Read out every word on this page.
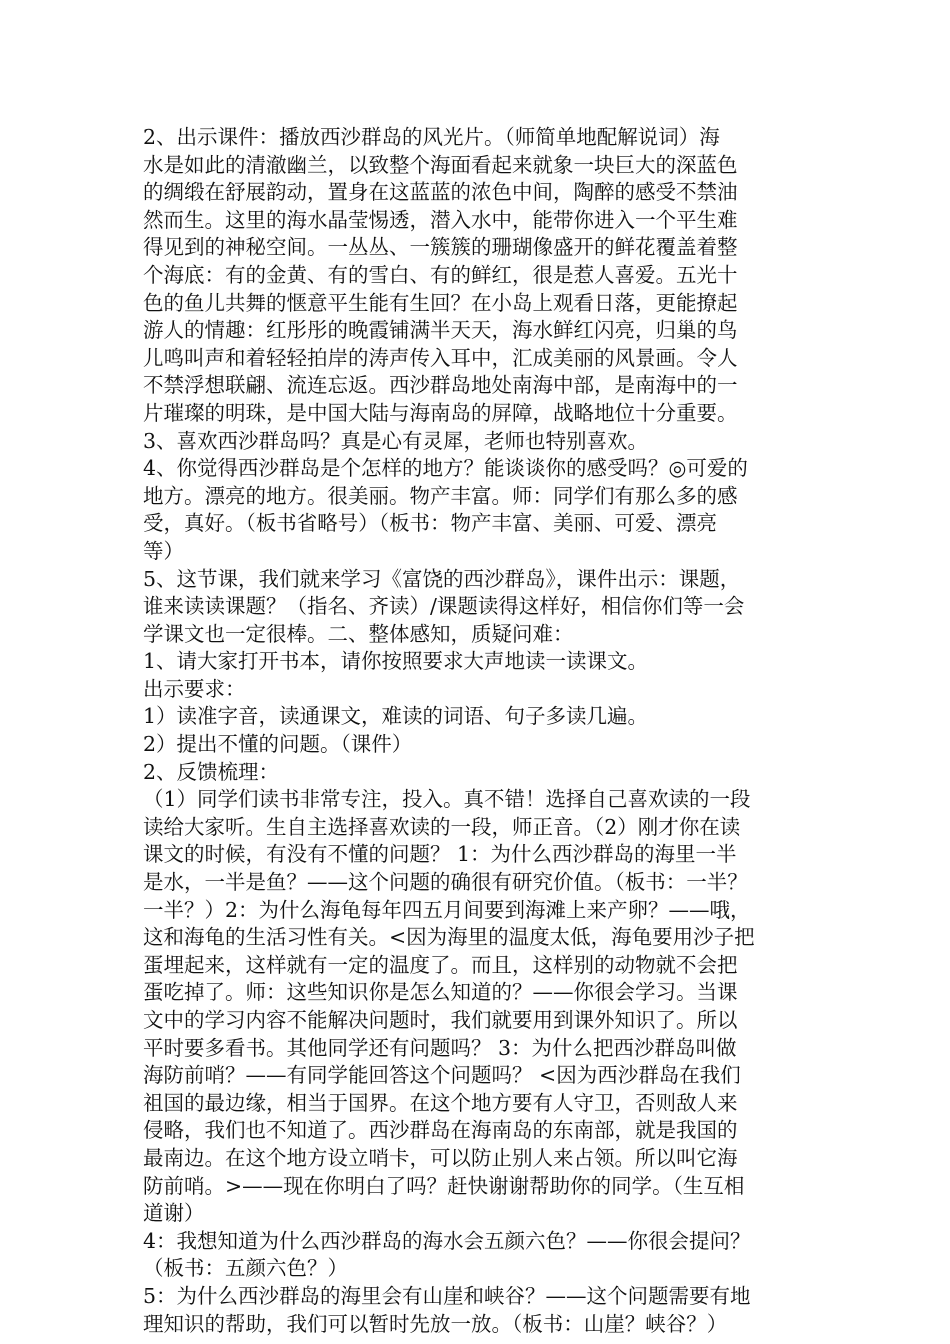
2、出示课件：播放西沙群岛的风光片。（师简单地配解说词）海
水是如此的清澈幽兰，以致整个海面看起来就象一块巨大的深蓝色
的绸缎在舒展韵动，置身在这蓝蓝的浓色中间，陶醉的感受不禁油
然而生。这里的海水晶莹惕透，潜入水中，能带你进入一个平生难
得见到的神秘空间。一丛丛、一簇簇的珊瑚像盛开的鲜花覆盖着整
个海底：有的金黄、有的雪白、有的鲜红，很是惹人喜爱。五光十
色的鱼儿共舞的惬意平生能有生回？在小岛上观看日落，更能撩起
游人的情趣：红彤彤的晚霞铺满半天天，海水鲜红闪亮，归巢的鸟
儿鸣叫声和着轻轻拍岸的涛声传入耳中，汇成美丽的风景画。令人
不禁浮想联翩、流连忘返。西沙群岛地处南海中部，是南海中的一
片璀璨的明珠，是中国大陆与海南岛的屏障，战略地位十分重要。
3、喜欢西沙群岛吗？真是心有灵犀，老师也特别喜欢。
4、你觉得西沙群岛是个怎样的地方？能谈谈你的感受吗？◎可爱的
地方。漂亮的地方。很美丽。物产丰富。师：同学们有那么多的感
受，真好。（板书省略号）（板书：物产丰富、美丽、可爱、漂亮
等）
5、这节课，我们就来学习《富饶的西沙群岛》，课件出示：课题，
谁来读读课题？（指名、齐读）/课题读得这样好，相信你们等一会
学课文也一定很棒。二、整体感知，质疑问难：
1、请大家打开书本，请你按照要求大声地读一读课文。
出示要求：
1）读准字音，读通课文，难读的词语、句子多读几遍。
2）提出不懂的问题。（课件）
2、反馈梳理：
（1）同学们读书非常专注，投入。真不错！选择自己喜欢读的一段
读给大家听。生自主选择喜欢读的一段，师正音。（2）刚才你在读
课文的时候，有没有不懂的问题？ 1：为什么西沙群岛的海里一半
是水，一半是鱼？——这个问题的确很有研究价值。（板书：一半？
一半？）2：为什么海龟每年四五月间要到海滩上来产卵？——哦，
这和海龟的生活习性有关。<因为海里的温度太低，海龟要用沙子把
蛋埋起来，这样就有一定的温度了。而且，这样别的动物就不会把
蛋吃掉了。师：这些知识你是怎么知道的？——你很会学习。当课
文中的学习内容不能解决问题时，我们就要用到课外知识了。所以
平时要多看书。其他同学还有问题吗？ 3：为什么把西沙群岛叫做
海防前哨？——有同学能回答这个问题吗？ <因为西沙群岛在我们
祖国的最边缘，相当于国界。在这个地方要有人守卫，否则敌人来
侵略，我们也不知道了。西沙群岛在海南岛的东南部，就是我国的
最南边。在这个地方设立哨卡，可以防止别人来占领。所以叫它海
防前哨。>——现在你明白了吗？赶快谢谢帮助你的同学。（生互相
道谢）
4：我想知道为什么西沙群岛的海水会五颜六色？——你很会提问？
（板书：五颜六色？）
5：为什么西沙群岛的海里会有山崖和峡谷？——这个问题需要有地
理知识的帮助，我们可以暂时先放一放。（板书：山崖？峡谷？）
